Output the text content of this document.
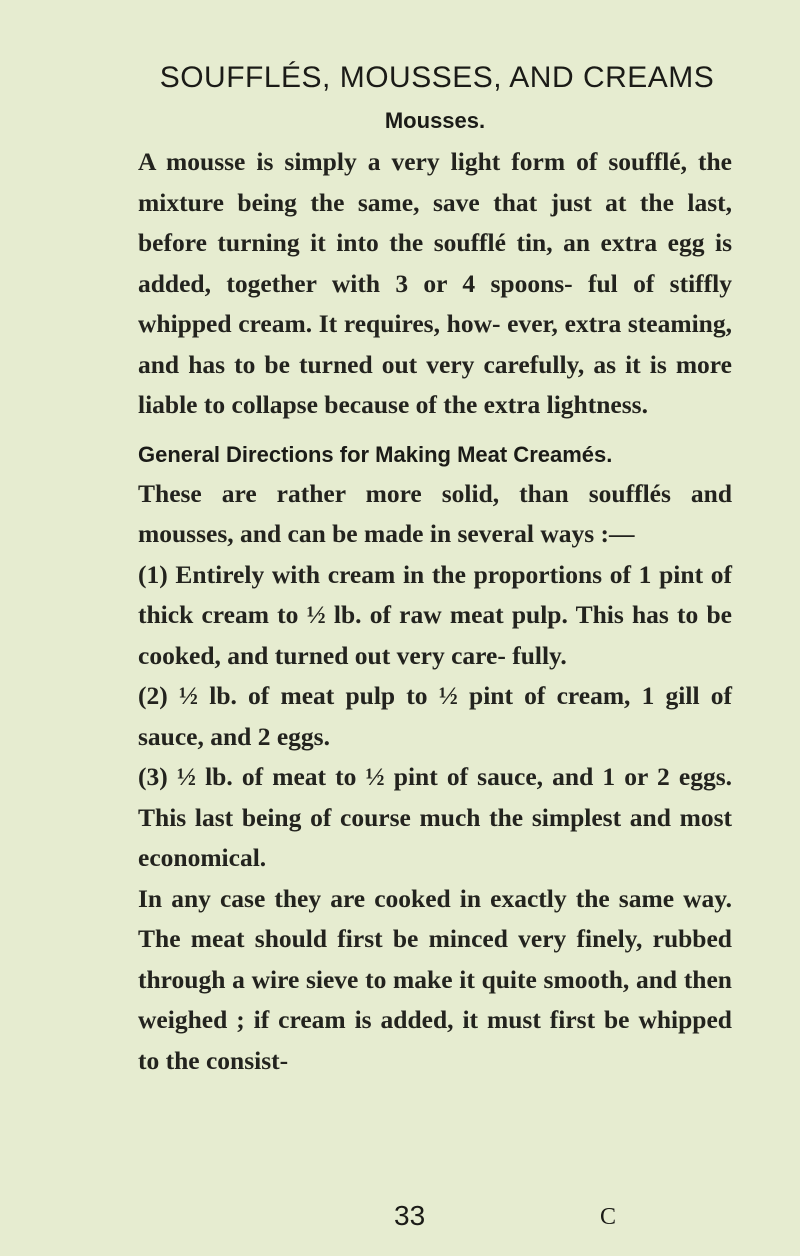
SOUFFLÉS, MOUSSES, AND CREAMS
Mousses.

A mousse is simply a very light form of soufflé, the mixture being the same, save that just at the last, before turning it into the soufflé tin, an extra egg is added, together with 3 or 4 spoons- ful of stiffly whipped cream. It requires, how- ever, extra steaming, and has to be turned out very carefully, as it is more liable to collapse because of the extra lightness.

General Directions for Making Meat Creamés.

These are rather more solid, than soufflés and mousses, and can be made in several ways :—

(1) Entirely with cream in the proportions of 1 pint of thick cream to ½ lb. of raw meat pulp. This has to be cooked, and turned out very care- fully.

(2) ½ lb. of meat pulp to ½ pint of cream, 1 gill of sauce, and 2 eggs.

(3) ½ lb. of meat to ½ pint of sauce, and 1 or 2 eggs. This last being of course much the simplest and most economical.

In any case they are cooked in exactly the same way. The meat should first be minced very finely, rubbed through a wire sieve to make it quite smooth, and then weighed ; if cream is added, it must first be whipped to the consist-

33	C
